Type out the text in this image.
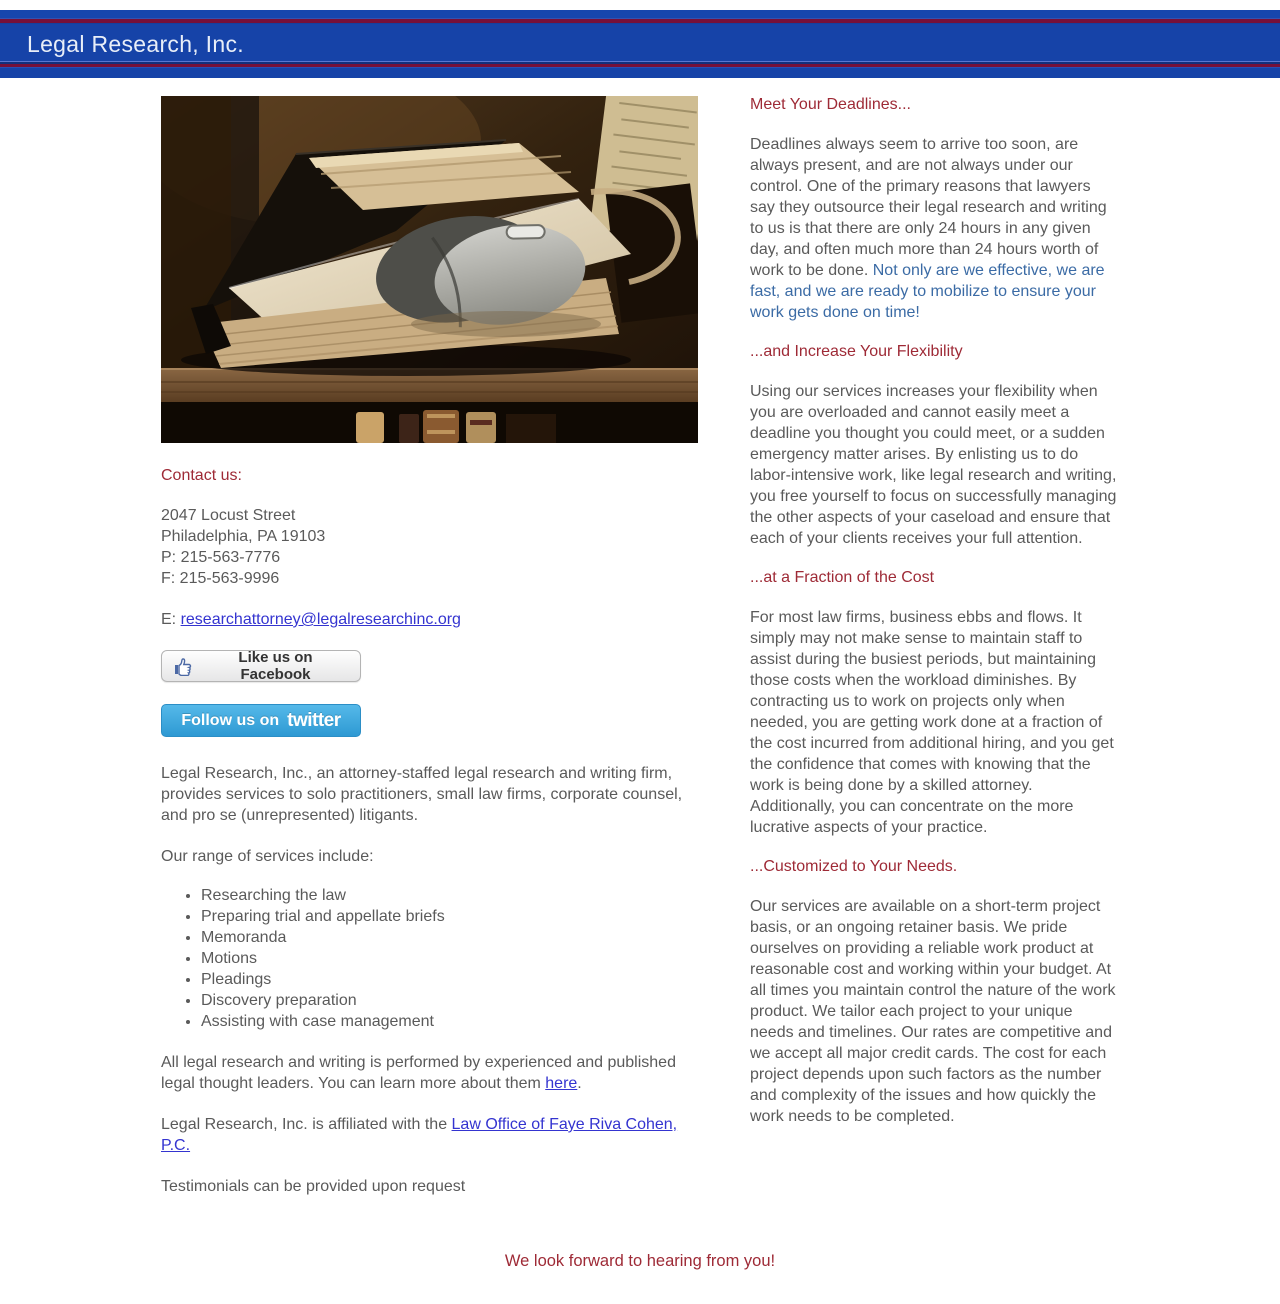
Legal Research, Inc.
Contact us:
2047 Locust Street
Philadelphia, PA 19103
P: 215-563-7776
F: 215-563-9996

E: researchattorney@legalresearchinc.org

Like us on Facebook
Follow us on twitter

Legal Research, Inc., an attorney-staffed legal research and writing firm, provides services to solo practitioners, small law firms, corporate counsel, and pro se (unrepresented) litigants.

Our range of services include:

• Researching the law
• Preparing trial and appellate briefs
• Memoranda
• Motions
• Pleadings
• Discovery preparation
• Assisting with case management

All legal research and writing is performed by experienced and published legal thought leaders. You can learn more about them here.

Legal Research, Inc. is affiliated with the Law Office of Faye Riva Cohen, P.C.

Testimonials can be provided upon request

Meet Your Deadlines...

Deadlines always seem to arrive too soon, are always present, and are not always under our control. One of the primary reasons that lawyers say they outsource their legal research and writing to us is that there are only 24 hours in any given day, and often much more than 24 hours worth of work to be done. Not only are we effective, we are fast, and we are ready to mobilize to ensure your work gets done on time!

...and Increase Your Flexibility

Using our services increases your flexibility when you are overloaded and cannot easily meet a deadline you thought you could meet, or a sudden emergency matter arises. By enlisting us to do labor-intensive work, like legal research and writing, you free yourself to focus on successfully managing the other aspects of your caseload and ensure that each of your clients receives your full attention.

...at a Fraction of the Cost

For most law firms, business ebbs and flows. It simply may not make sense to maintain staff to assist during the busiest periods, but maintaining those costs when the workload diminishes. By contracting us to work on projects only when needed, you are getting work done at a fraction of the cost incurred from additional hiring, and you get the confidence that comes with knowing that the work is being done by a skilled attorney. Additionally, you can concentrate on the more lucrative aspects of your practice.

...Customized to Your Needs.

Our services are available on a short-term project basis, or an ongoing retainer basis. We pride ourselves on providing a reliable work product at reasonable cost and working within your budget. At all times you maintain control the nature of the work product. We tailor each project to your unique needs and timelines. Our rates are competitive and we accept all major credit cards. The cost for each project depends upon such factors as the number and complexity of the issues and how quickly the work needs to be completed.

We look forward to hearing from you!
